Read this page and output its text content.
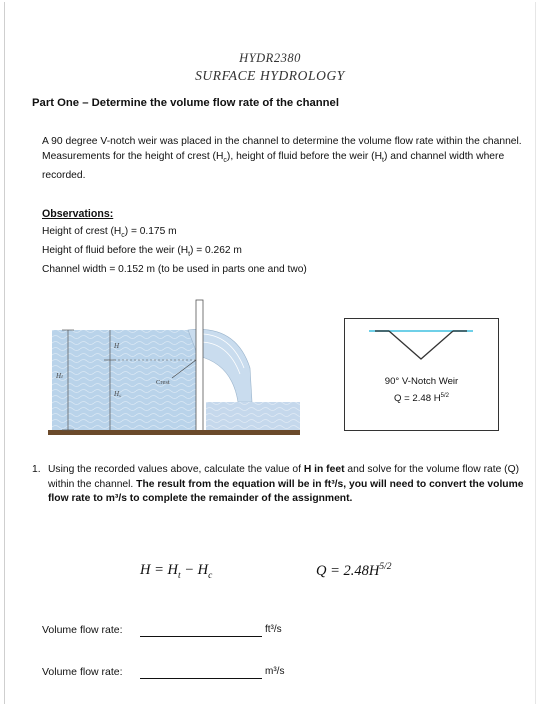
HYDR2380
SURFACE HYDROLOGY
Part One – Determine the volume flow rate of the channel
A 90 degree V-notch weir was placed in the channel to determine the volume flow rate within the channel. Measurements for the height of crest $(H_c)$, height of fluid before the weir $(H_t)$ and channel width where recorded.
Observations:
Height of crest $(H_c) = 0.175$ m
Height of fluid before the weir $(H_t) = 0.262$ m
Channel width = 0.152 m (to be used in parts one and two)
Hₜ
H
H꜀
Crest	90° V-Notch Weir
Q = 2.48 $H^{5/2}$
1. Using the recorded values above, calculate the value of H in feet and solve for the volume flow rate (Q) within the channel. The result from the equation will be in ft³/s, you will need to convert the volume flow rate to m³/s to complete the remainder of the assignment.
$H = H_t - H_c$	$Q = 2.48H^{5/2}$
Volume flow rate:	ft³/s
Volume flow rate:	m³/s
